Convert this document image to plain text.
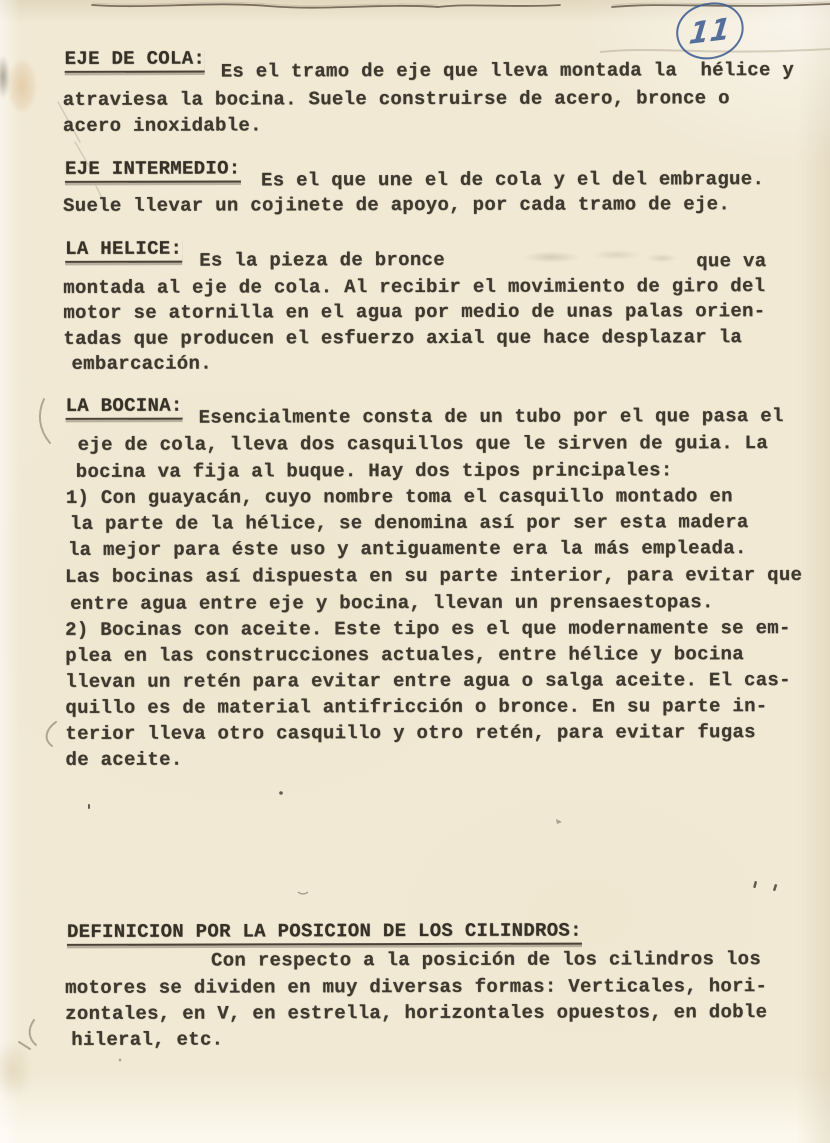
11
EJE DE COLA:
Es el tramo de eje que lleva montada la  hélice y
atraviesa la bocina. Suele construirse de acero, bronce o
acero inoxidable.
EJE INTERMEDIO: Es el que une el de cola y el del embrague.
Suele llevar un cojinete de apoyo, por cada tramo de eje.
LA HELICE:
Es la pieza de bronce	que va
montada al eje de cola. Al recibir el movimiento de giro del
motor se atornilla en el agua por medio de unas palas orien-
tadas que producen el esfuerzo axial que hace desplazar la
embarcación.
LA BOCINA: Esencialmente consta de un tubo por el que pasa el
eje de cola, lleva dos casquillos que le sirven de guia. La
bocina va fija al buque. Hay dos tipos principales:
1) Con guayacán, cuyo nombre toma el casquillo montado en
la parte de la hélice, se denomina así por ser esta madera
la mejor para éste uso y antiguamente era la más empleada.
Las bocinas así dispuesta en su parte interior, para evitar que
entre agua entre eje y bocina, llevan un prensaestopas.
2) Bocinas con aceite. Este tipo es el que modernamente se em-
plea en las construcciones actuales, entre hélice y bocina
llevan un retén para evitar entre agua o salga aceite. El cas-
quillo es de material antifricción o bronce. En su parte in-
terior lleva otro casquillo y otro retén, para evitar fugas
de aceite.
DEFINICION POR LA POSICION DE LOS CILINDROS:
Con respecto a la posición de los cilindros los
motores se dividen en muy diversas formas: Verticales, hori-
zontales, en V, en estrella, horizontales opuestos, en doble
hileral, etc.
